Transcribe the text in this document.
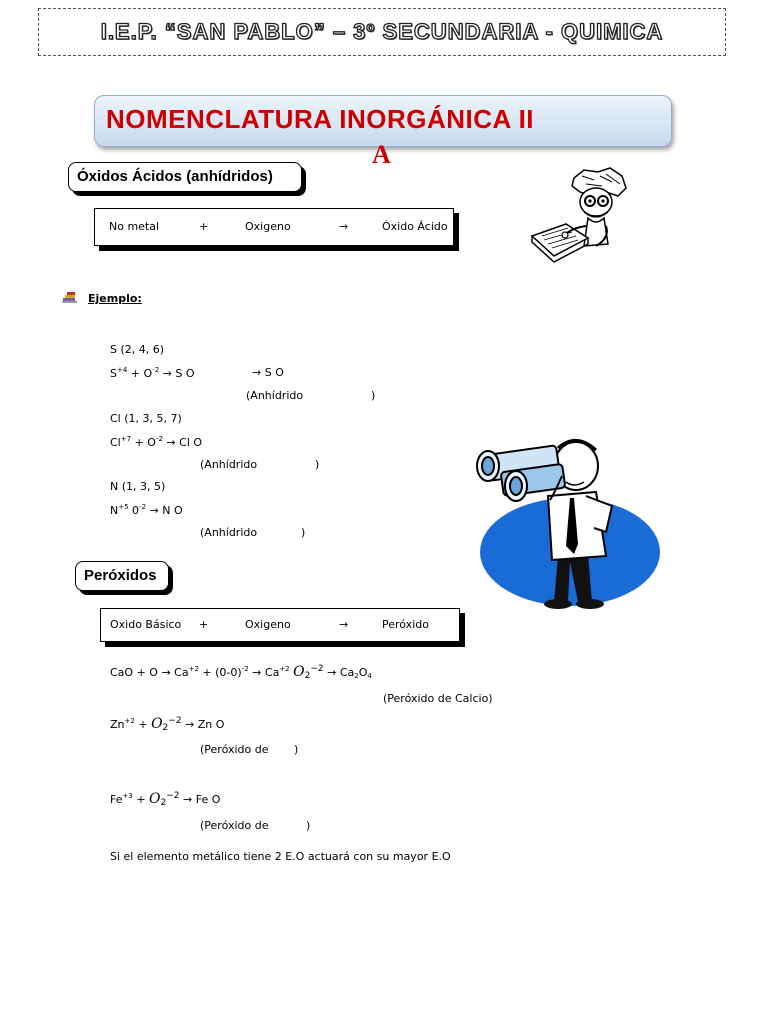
I.E.P. “SAN PABLO” – 3º SECUNDARIA - QUIMICA
NOMENCLATURA INORGÁNICA II
A
Óxidos Ácidos (anhídridos)
No metal	+	Oxigeno	→	Óxido Ácido
Ejemplo:
S (2, 4, 6)
$S^{+4} + O^{-2} \to S$ O	→ S O
(Anhídrido	)
Cl (1, 3, 5, 7)
$Cl^{+7} + O^{-2} \to Cl$ O
(Anhídrido	)
N (1, 3, 5)
$N^{+5}$ $0^{-2} \to N$ O
(Anhídrido	)
Peróxidos
Oxido Básico +	Oxigeno	→	Peróxido
CaO + $O \to Ca^{+2} + (0-0)^{-2} \to Ca^{+2}$ $O_2^{-2} \to Ca_2O_4$
(Peróxido de Calcio)
$Zn^{+2} + O_2^{-2} \to Zn$ O
(Peróxido de )
$Fe^{+3} + O_2^{-2} \to Fe$ O
(Peróxido de	)
Si el elemento metálico tiene 2 E.O actuará con su mayor E.O
